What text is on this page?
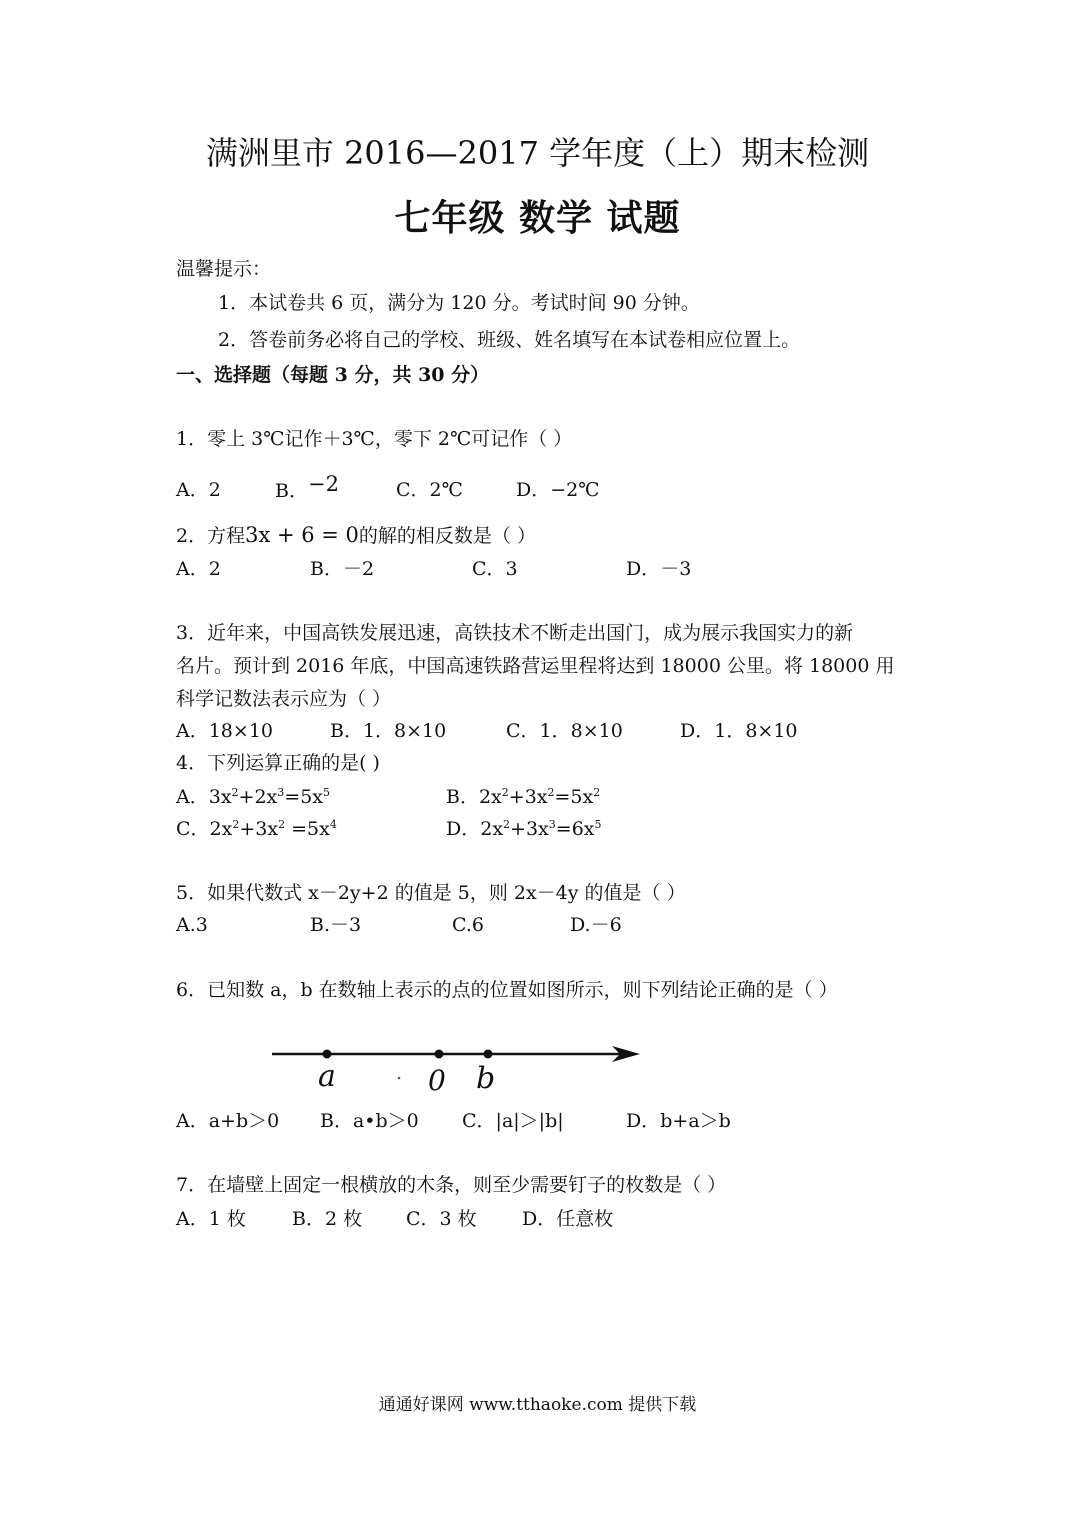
满洲里市 2016—2017 学年度（上）期末检测
七年级 数学 试题
温馨提示：
1．本试卷共 6 页，满分为 120 分。考试时间 90 分钟。
2．答卷前务必将自己的学校、班级、姓名填写在本试卷相应位置上。
一、选择题（每题 3 分，共 30 分）
1．零上 3℃记作＋3℃，零下 2℃可记作（ ）
A．2	B．−2	C．2℃	D．−2℃
2．方程3x + 6 = 0的解的相反数是（ ）
A．2	B．－2	C．3	D．－3
3．近年来，中国高铁发展迅速，高铁技术不断走出国门，成为展示我国实力的新
名片。预计到 2016 年底，中国高速铁路营运里程将达到 18000 公里。将 18000 用
科学记数法表示应为（ ）
A．18×10	B．1．8×10	C．1．8×10	D．1．8×10
4．下列运算正确的是( )
A．$3x^2+2x^3=5x^5$	B．$2x^2+3x^2=5x^2$
C．$2x^2+3x^2 =5x^4$	D．$2x^2+3x^3=6x^5$
5．如果代数式 x－2y+2 的值是 5，则 2x－4y 的值是（ ）
A.3	B.－3	C.6	D.－6
6．已知数 a，b 在数轴上表示的点的位置如图所示，则下列结论正确的是（ ）
a	0 b
A．a+b＞0 B．a•b＞0 C．|a|＞|b|	D．b+a＞b
7．在墙壁上固定一根横放的木条，则至少需要钉子的枚数是（ ）
A．1 枚 B．2 枚 C．3 枚 D．任意枚
通通好课网 www.tthaoke.com 提供下载
